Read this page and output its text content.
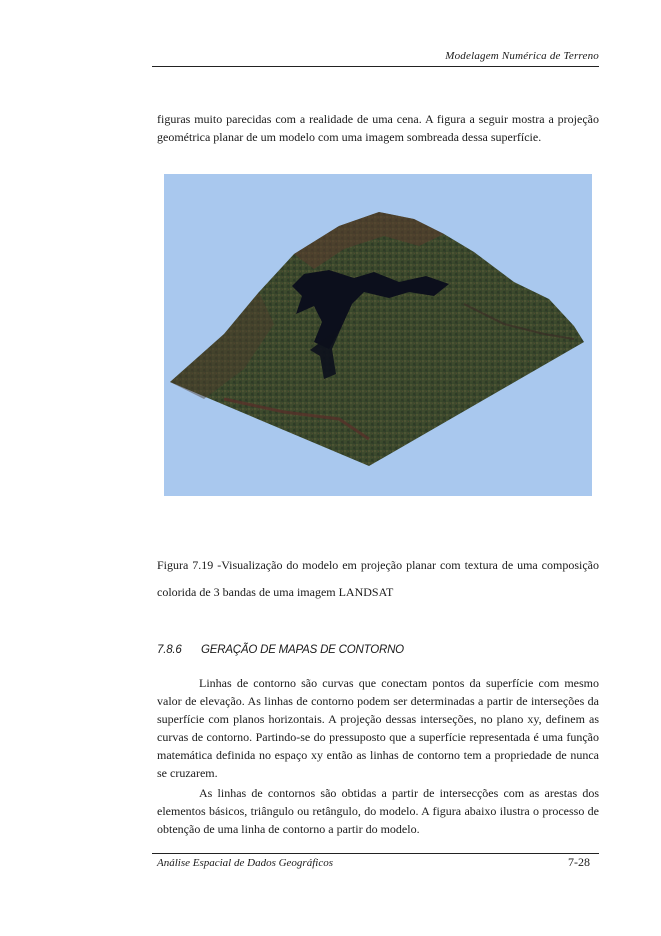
Modelagem Numérica de Terreno

figuras muito parecidas com a realidade de uma cena. A figura a seguir mostra a projeção geométrica planar de um modelo com uma imagem sombreada dessa superfície.

Figura 7.19 -Visualização do modelo em projeção planar com textura de uma composição colorida de 3 bandas de uma imagem LANDSAT

7.8.6 GERAÇÃO DE MAPAS DE CONTORNO

Linhas de contorno são curvas que conectam pontos da superfície com mesmo valor de elevação. As linhas de contorno podem ser determinadas a partir de interseções da superfície com planos horizontais. A projeção dessas interseções, no plano xy, definem as curvas de contorno. Partindo-se do pressuposto que a superfície representada é uma função matemática definida no espaço xy então as linhas de contorno tem a propriedade de nunca se cruzarem.

As linhas de contornos são obtidas a partir de intersecções com as arestas dos elementos básicos, triângulo ou retângulo, do modelo. A figura abaixo ilustra o processo de obtenção de uma linha de contorno a partir do modelo.

Análise Espacial de Dados Geográficos	7-28
